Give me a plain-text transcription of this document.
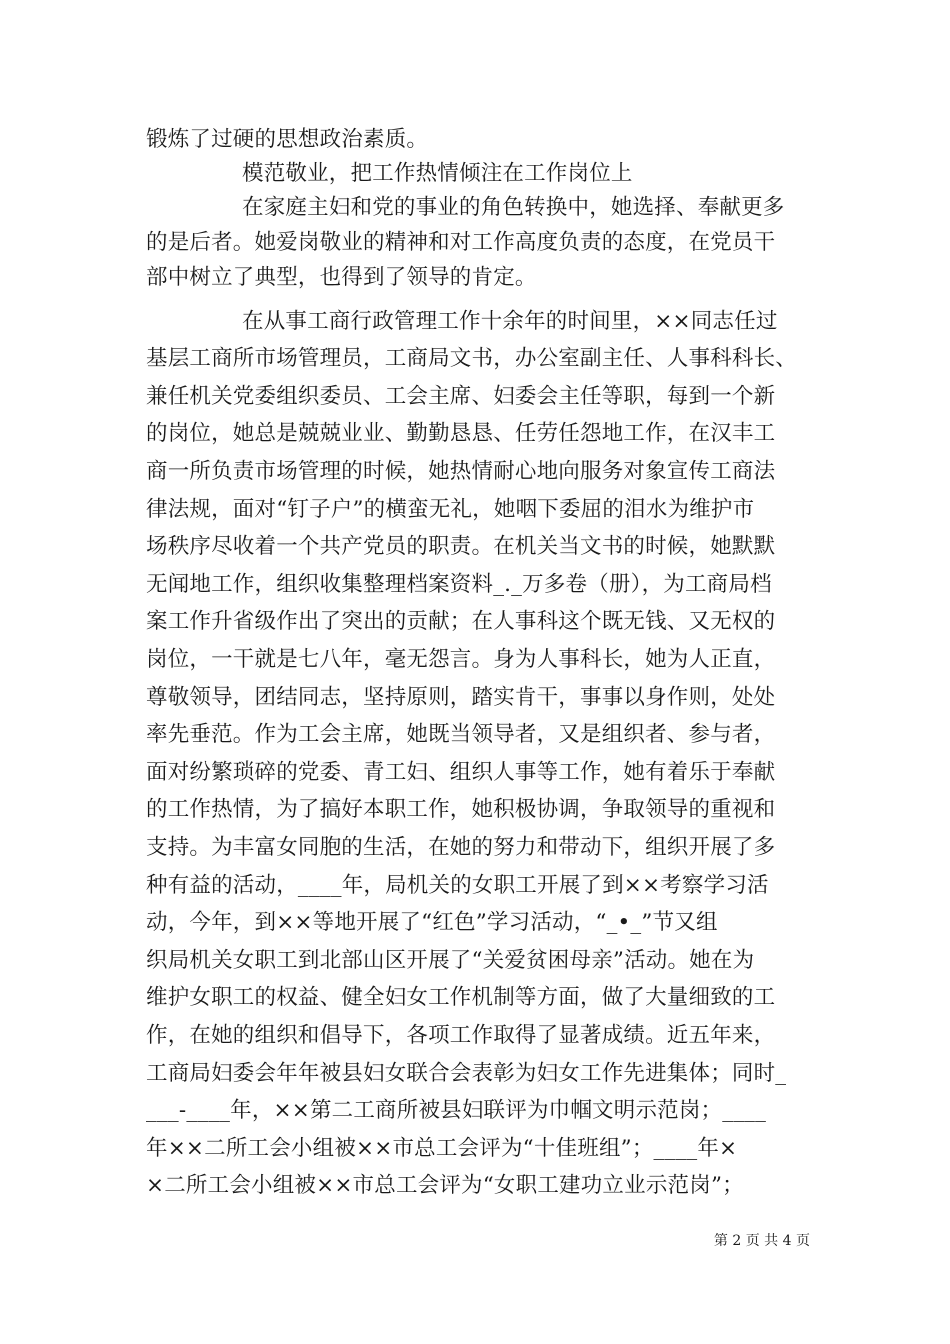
锻炼了过硬的思想政治素质。
模范敬业，把工作热情倾注在工作岗位上
在家庭主妇和党的事业的角色转换中，她选择、奉献更多
的是后者。她爱岗敬业的精神和对工作高度负责的态度，在党员干
部中树立了典型，也得到了领导的肯定。
在从事工商行政管理工作十余年的时间里，××同志任过
基层工商所市场管理员，工商局文书，办公室副主任、人事科科长、
兼任机关党委组织委员、工会主席、妇委会主任等职，每到一个新
的岗位，她总是兢兢业业、勤勤恳恳、任劳任怨地工作，在汉丰工
商一所负责市场管理的时候，她热情耐心地向服务对象宣传工商法
律法规，面对“钉子户”的横蛮无礼，她咽下委屈的泪水为维护市
场秩序尽收着一个共产党员的职责。在机关当文书的时候，她默默
无闻地工作，组织收集整理档案资料_._万多卷（册），为工商局档
案工作升省级作出了突出的贡献；在人事科这个既无钱、又无权的
岗位，一干就是七八年，毫无怨言。身为人事科长，她为人正直，
尊敬领导，团结同志，坚持原则，踏实肯干，事事以身作则，处处
率先垂范。作为工会主席，她既当领导者，又是组织者、参与者，
面对纷繁琐碎的党委、青工妇、组织人事等工作，她有着乐于奉献
的工作热情，为了搞好本职工作，她积极协调，争取领导的重视和
支持。为丰富女同胞的生活，在她的努力和带动下，组织开展了多
种有益的活动，____年，局机关的女职工开展了到××考察学习活
动，今年，到××等地开展了“红色”学习活动，“_•_”节又组
织局机关女职工到北部山区开展了“关爱贫困母亲”活动。她在为
维护女职工的权益、健全妇女工作机制等方面，做了大量细致的工
作，在她的组织和倡导下，各项工作取得了显著成绩。近五年来，
工商局妇委会年年被县妇女联合会表彰为妇女工作先进集体；同时_
___-____年，××第二工商所被县妇联评为巾帼文明示范岗；____
年××二所工会小组被××市总工会评为“十佳班组”；____年×
×二所工会小组被××市总工会评为“女职工建功立业示范岗”；
第 2 页 共 4 页
